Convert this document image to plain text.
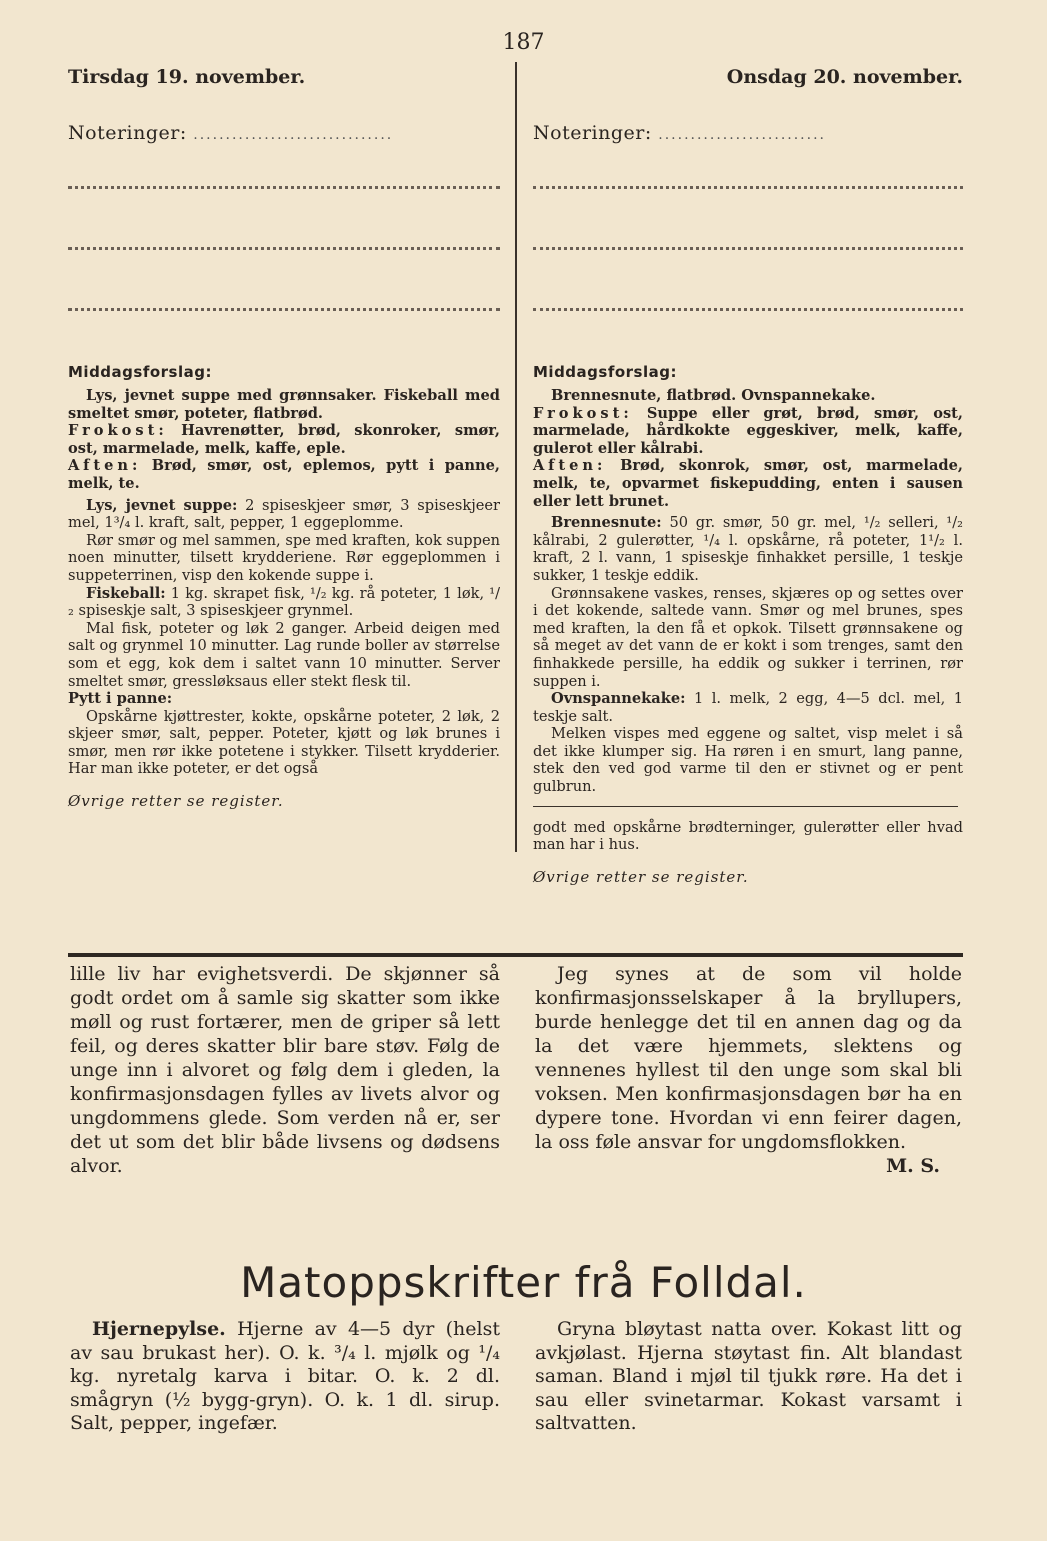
187
Tirsdag 19. november.
Noteringer: ...............................
Middagsforslag:

Lys, jevnet suppe med grønnsaker. Fiskeball med smeltet smør, poteter, flatbrød.

Frokost: Havrenøtter, brød, skonroker, smør, ost, marmelade, melk, kaffe, eple.

Aften: Brød, smør, ost, eplemos, pytt i panne, melk, te.

Lys, jevnet suppe: 2 spiseskjeer smør, 3 spiseskjeer mel, 1³/₄ l. kraft, salt, pepper, 1 eggeplomme.

Rør smør og mel sammen, spe med kraften, kok suppen noen minutter, tilsett krydderiene. Rør eggeplommen i suppeterrinen, visp den kokende suppe i.

Fiskeball: 1 kg. skrapet fisk, ¹/₂ kg. rå poteter, 1 løk, ¹/₂ spiseskje salt, 3 spiseskjeer grynmel.

Mal fisk, poteter og løk 2 ganger. Arbeid deigen med salt og grynmel 10 minutter. Lag runde boller av størrelse som et egg, kok dem i saltet vann 10 minutter. Server smeltet smør, gressløksaus eller stekt flesk til.

Pytt i panne:

Opskårne kjøttrester, kokte, opskårne poteter, 2 løk, 2 skjeer smør, salt, pepper. Poteter, kjøtt og løk brunes i smør, men rør ikke potetene i stykker. Tilsett krydderier. Har man ikke poteter, er det også

Øvrige retter se register.
Onsdag 20. november.
Noteringer: ..........................
Middagsforslag:

Brennesnute, flatbrød. Ovnspannekake.

Frokost: Suppe eller grøt, brød, smør, ost, marmelade, hårdkokte eggeskiver, melk, kaffe, gulerot eller kålrabi.

Aften: Brød, skonrok, smør, ost, marmelade, melk, te, opvarmet fiskepudding, enten i sausen eller lett brunet.

Brennesnute: 50 gr. smør, 50 gr. mel, ¹/₂ selleri, ¹/₂ kålrabi, 2 gulerøtter, ¹/₄ l. opskårne, rå poteter, 1¹/₂ l. kraft, 2 l. vann, 1 spiseskje finhakket persille, 1 teskje sukker, 1 teskje eddik.

Grønnsakene vaskes, renses, skjæres op og settes over i det kokende, saltede vann. Smør og mel brunes, spes med kraften, la den få et opkok. Tilsett grønnsakene og så meget av det vann de er kokt i som trenges, samt den finhakkede persille, ha eddik og sukker i terrinen, rør suppen i.

Ovnspannekake: 1 l. melk, 2 egg, 4—5 dcl. mel, 1 teskje salt.

Melken vispes med eggene og saltet, visp melet i så det ikke klumper sig. Ha røren i en smurt, lang panne, stek den ved god varme til den er stivnet og er pent gulbrun.

godt med opskårne brødterninger, gulerøtter eller hvad man har i hus.

Øvrige retter se register.
lille liv har evighetsverdi. De skjønner så godt ordet om å samle sig skatter som ikke møll og rust fortærer, men de griper så lett feil, og deres skatter blir bare støv. Følg de unge inn i alvoret og følg dem i gleden, la konfirmasjonsdagen fylles av livets alvor og ungdommens glede. Som verden nå er, ser det ut som det blir både livsens og dødsens alvor.
Jeg synes at de som vil holde konfirmasjonsselskaper å la bryllupers, burde henlegge det til en annen dag og da la det være hjemmets, slektens og vennenes hyllest til den unge som skal bli voksen. Men konfirmasjonsdagen bør ha en dypere tone. Hvordan vi enn feirer dagen, la oss føle ansvar for ungdomsflokken.
M. S.
Matoppskrifter frå Folldal.
Hjernepylse. Hjerne av 4—5 dyr (helst av sau brukast her). O. k. ³/₄ l. mjølk og ¹/₄ kg. nyretalg karva i bitar. O. k. 2 dl. smågryn (½ bygg-gryn). O. k. 1 dl. sirup. Salt, pepper, ingefær.
Gryna bløytast natta over. Kokast litt og avkjølast. Hjerna støytast fin. Alt blandast saman. Bland i mjøl til tjukk røre. Ha det i sau eller svinetarmar. Kokast varsamt i saltvatten.
